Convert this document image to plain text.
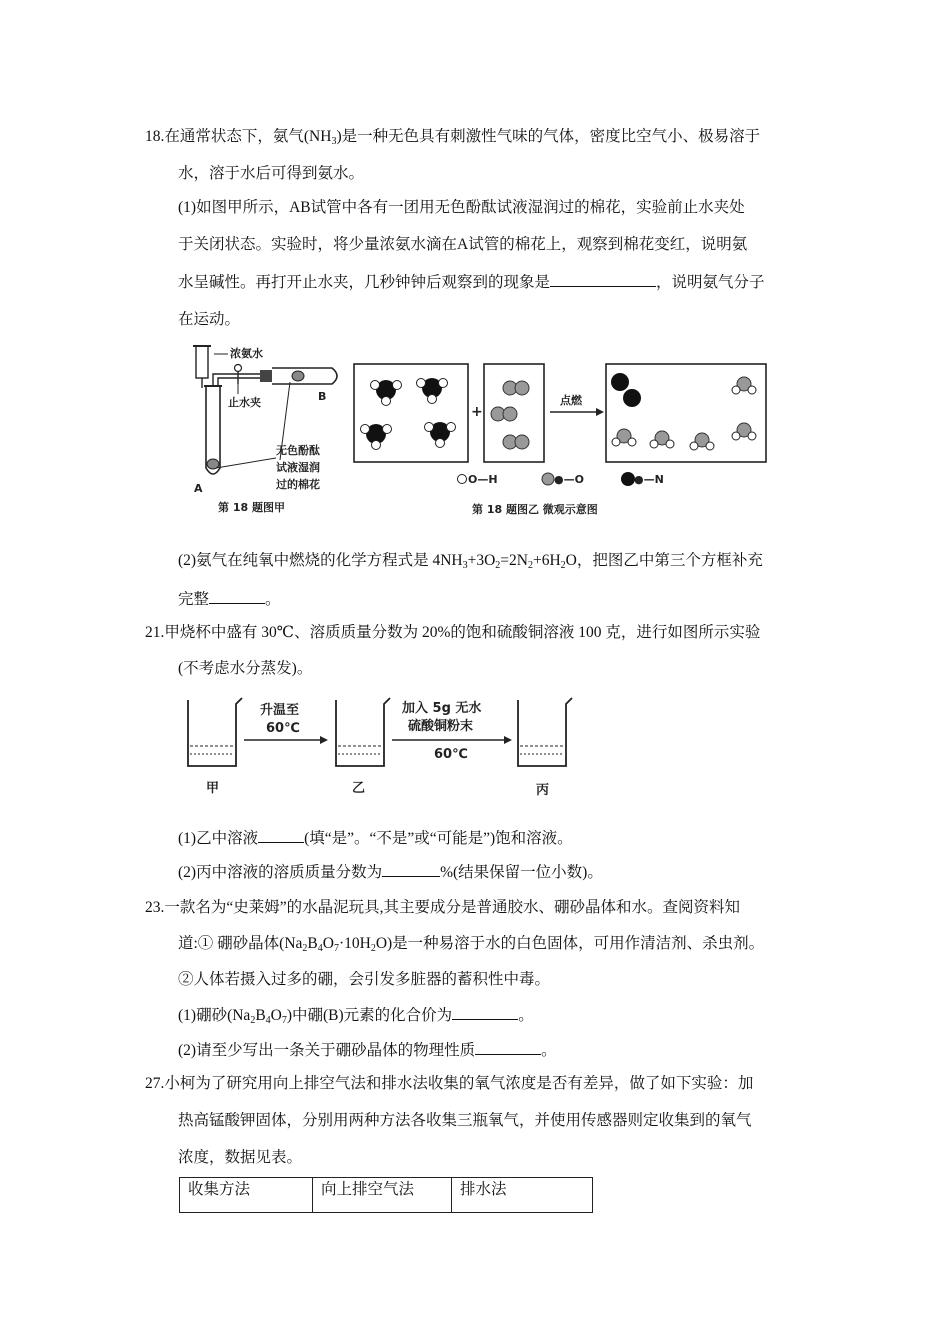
18.在通常状态下，氨气$(NH_3)$是一种无色具有刺激性气味的气体，密度比空气小、极易溶于
水，溶于水后可得到氨水。
(1)如图甲所示，AB试管中各有一团用无色酚酞试液湿润过的棉花，实验前止水夹处
于关闭状态。实验时，将少量浓氨水滴在A试管的棉花上，观察到棉花变红，说明氨
水呈碱性。再打开止水夹，几秒钟钟后观察到的现象是	，说明氨气分子
在运动。
浓氨水
止水夹	B
A
无色酚酞
试液湿润
过的棉花
第 18 题图甲
+
点燃
O—H	●—O	●—N
第 18 题图乙 微观示意图
(2)氨气在纯氧中燃烧的化学方程式是 $4NH_3+3O_2=2N_2+6H_2O$，把图乙中第三个方框补充
完整	。
21.甲烧杯中盛有 30℃、溶质质量分数为 20%的饱和硫酸铜溶液 100 克，进行如图所示实验
(不考虑水分蒸发)。
甲
升温至
60℃
乙
加入 5g 无水
硫酸铜粉末
60℃
丙
(1)乙中溶液	(填“是”。“不是”或“可能是”)饱和溶液。
(2)丙中溶液的溶质质量分数为	%(结果保留一位小数)。
23.一款名为“史莱姆”的水晶泥玩具,其主要成分是普通胶水、硼砂晶体和水。查阅资料知
道:① 硼砂晶体$(Na_2B_4O_7\cdot 10H_2O)$是一种易溶于水的白色固体，可用作清洁剂、杀虫剂。
②人体若摄入过多的硼，会引发多脏器的蓄积性中毒。
(1)硼砂$(Na_2B_4O_7)$中硼(B)元素的化合价为	。
(2)请至少写出一条关于硼砂晶体的物理性质	。
27.小柯为了研究用向上排空气法和排水法收集的氧气浓度是否有差异，做了如下实验：加
热高锰酸钾固体，分别用两种方法各收集三瓶氧气，并使用传感器则定收集到的氧气
浓度，数据见表。
收集方法	向上排空气法	排水法
